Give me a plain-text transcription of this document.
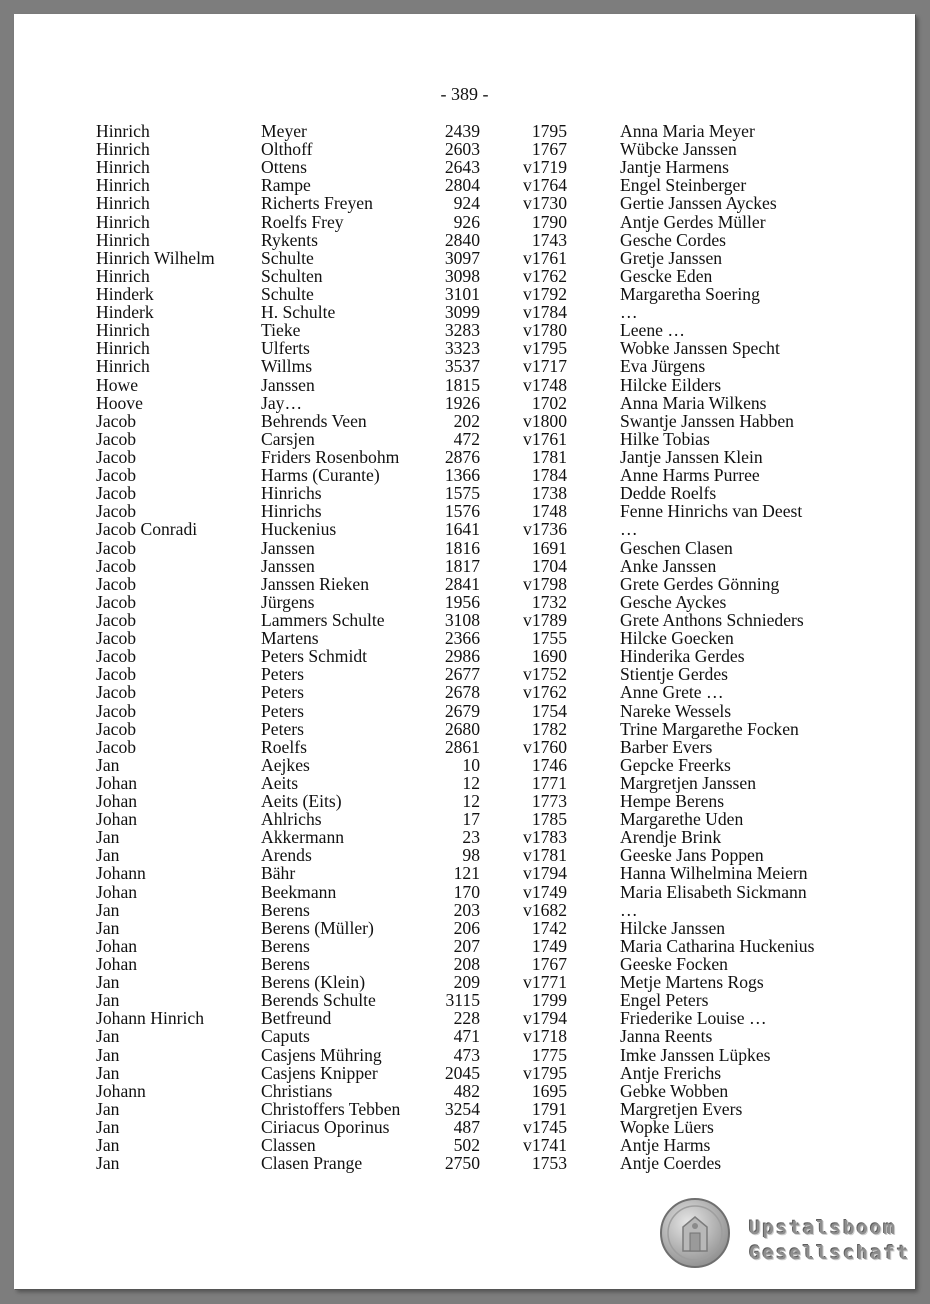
- 389 -
Hinrich	Meyer	2439	1795	Anna Maria Meyer
Hinrich	Olthoff	2603	1767	Wübcke Janssen
Hinrich	Ottens	2643	v1719	Jantje Harmens
Hinrich	Rampe	2804	v1764	Engel Steinberger
Hinrich	Richerts Freyen	924	v1730	Gertie Janssen Ayckes
Hinrich	Roelfs Frey	926	1790	Antje Gerdes Müller
Hinrich	Rykents	2840	1743	Gesche Cordes
Hinrich Wilhelm	Schulte	3097	v1761	Gretje Janssen
Hinrich	Schulten	3098	v1762	Gescke Eden
Hinderk	Schulte	3101	v1792	Margaretha Soering
Hinderk	H. Schulte	3099	v1784	…
Hinrich	Tieke	3283	v1780	Leene …
Hinrich	Ulferts	3323	v1795	Wobke Janssen Specht
Hinrich	Willms	3537	v1717	Eva Jürgens
Howe	Janssen	1815	v1748	Hilcke Eilders
Hoove	Jay…	1926	1702	Anna Maria Wilkens
Jacob	Behrends Veen	202	v1800	Swantje Janssen Habben
Jacob	Carsjen	472	v1761	Hilke Tobias
Jacob	Friders Rosenbohm	2876	1781	Jantje Janssen Klein
Jacob	Harms (Curante)	1366	1784	Anne Harms Purree
Jacob	Hinrichs	1575	1738	Dedde Roelfs
Jacob	Hinrichs	1576	1748	Fenne Hinrichs van Deest
Jacob Conradi	Huckenius	1641	v1736	…
Jacob	Janssen	1816	1691	Geschen Clasen
Jacob	Janssen	1817	1704	Anke Janssen
Jacob	Janssen Rieken	2841	v1798	Grete Gerdes Gönning
Jacob	Jürgens	1956	1732	Gesche Ayckes
Jacob	Lammers Schulte	3108	v1789	Grete Anthons Schnieders
Jacob	Martens	2366	1755	Hilcke Goecken
Jacob	Peters Schmidt	2986	1690	Hinderika Gerdes
Jacob	Peters	2677	v1752	Stientje Gerdes
Jacob	Peters	2678	v1762	Anne Grete …
Jacob	Peters	2679	1754	Nareke Wessels
Jacob	Peters	2680	1782	Trine Margarethe Focken
Jacob	Roelfs	2861	v1760	Barber Evers
Jan	Aejkes	10	1746	Gepcke Freerks
Johan	Aeits	12	1771	Margretjen Janssen
Johan	Aeits (Eits)	12	1773	Hempe Berens
Johan	Ahlrichs	17	1785	Margarethe Uden
Jan	Akkermann	23	v1783	Arendje Brink
Jan	Arends	98	v1781	Geeske Jans Poppen
Johann	Bähr	121	v1794	Hanna Wilhelmina Meiern
Johan	Beekmann	170	v1749	Maria Elisabeth Sickmann
Jan	Berens	203	v1682	…
Jan	Berens (Müller)	206	1742	Hilcke Janssen
Johan	Berens	207	1749	Maria Catharina Huckenius
Johan	Berens	208	1767	Geeske Focken
Jan	Berens (Klein)	209	v1771	Metje Martens Rogs
Jan	Berends Schulte	3115	1799	Engel Peters
Johann Hinrich	Betfreund	228	v1794	Friederike Louise …
Jan	Caputs	471	v1718	Janna Reents
Jan	Casjens Mühring	473	1775	Imke Janssen Lüpkes
Jan	Casjens Knipper	2045	v1795	Antje Frerichs
Johann	Christians	482	1695	Gebke Wobben
Jan	Christoffers Tebben	3254	1791	Margretjen Evers
Jan	Ciriacus Oporinus	487	v1745	Wopke Lüers
Jan	Classen	502	v1741	Antje Harms
Jan	Clasen Prange	2750	1753	Antje Coerdes
Upstalsboom
Gesellschaft
